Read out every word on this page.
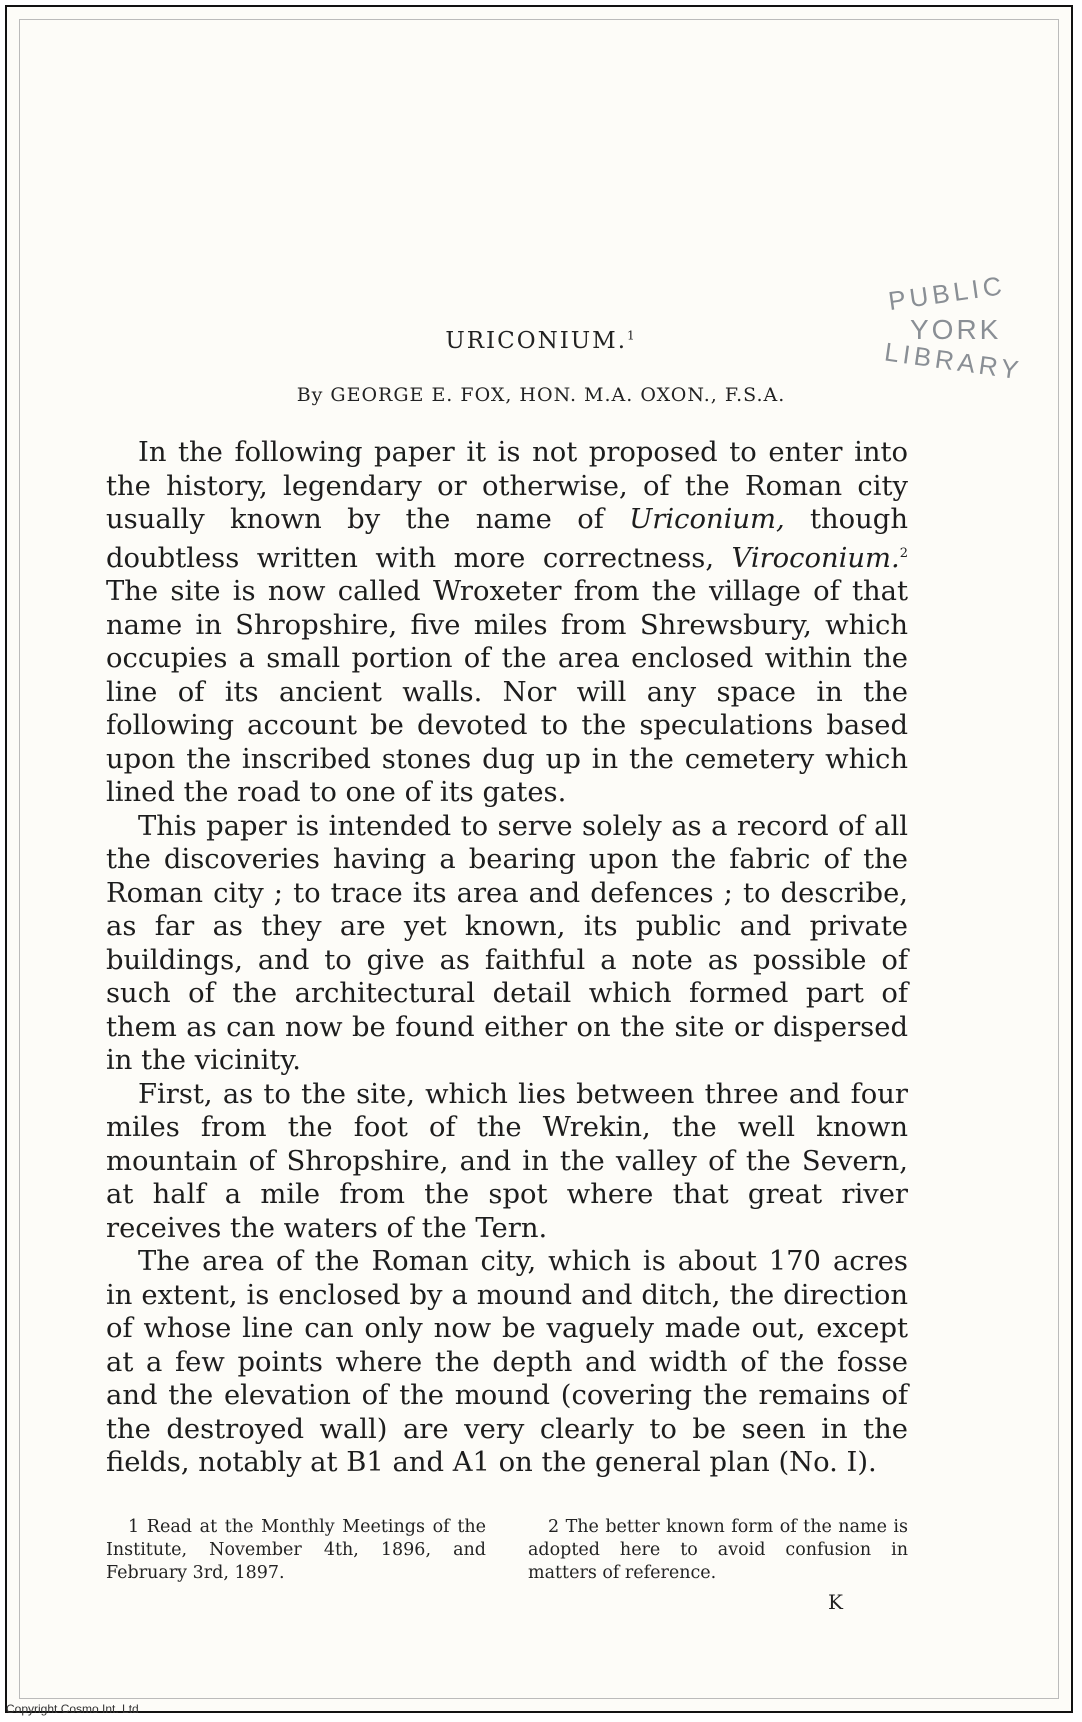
PUBLIC
YORK
LIBRARY
URICONIUM.$^1$
By GEORGE E. FOX, HON. M.A. OXON., F.S.A.

In the following paper it is not proposed to enter into the history, legendary or otherwise, of the Roman city usually known by the name of Uriconium, though doubtless written with more correctness, Viroconium.$^2$ The site is now called Wroxeter from the village of that name in Shropshire, five miles from Shrewsbury, which occupies a small portion of the area enclosed within the line of its ancient walls. Nor will any space in the following account be devoted to the speculations based upon the inscribed stones dug up in the cemetery which lined the road to one of its gates.

This paper is intended to serve solely as a record of all the discoveries having a bearing upon the fabric of the Roman city ; to trace its area and defences ; to describe, as far as they are yet known, its public and private buildings, and to give as faithful a note as possible of such of the architectural detail which formed part of them as can now be found either on the site or dispersed in the vicinity.

First, as to the site, which lies between three and four miles from the foot of the Wrekin, the well known mountain of Shropshire, and in the valley of the Severn, at half a mile from the spot where that great river receives the waters of the Tern.

The area of the Roman city, which is about 170 acres in extent, is enclosed by a mound and ditch, the direction of whose line can only now be vaguely made out, except at a few points where the depth and width of the fosse and the elevation of the mound (covering the remains of the destroyed wall) are very clearly to be seen in the fields, notably at B1 and A1 on the general plan (No. I).

1 Read at the Monthly Meetings of the Institute, November 4th, 1896, and February 3rd, 1897.
2 The better known form of the name is adopted here to avoid confusion in matters of reference.
K
Copyright Cosmo Int. Ltd
